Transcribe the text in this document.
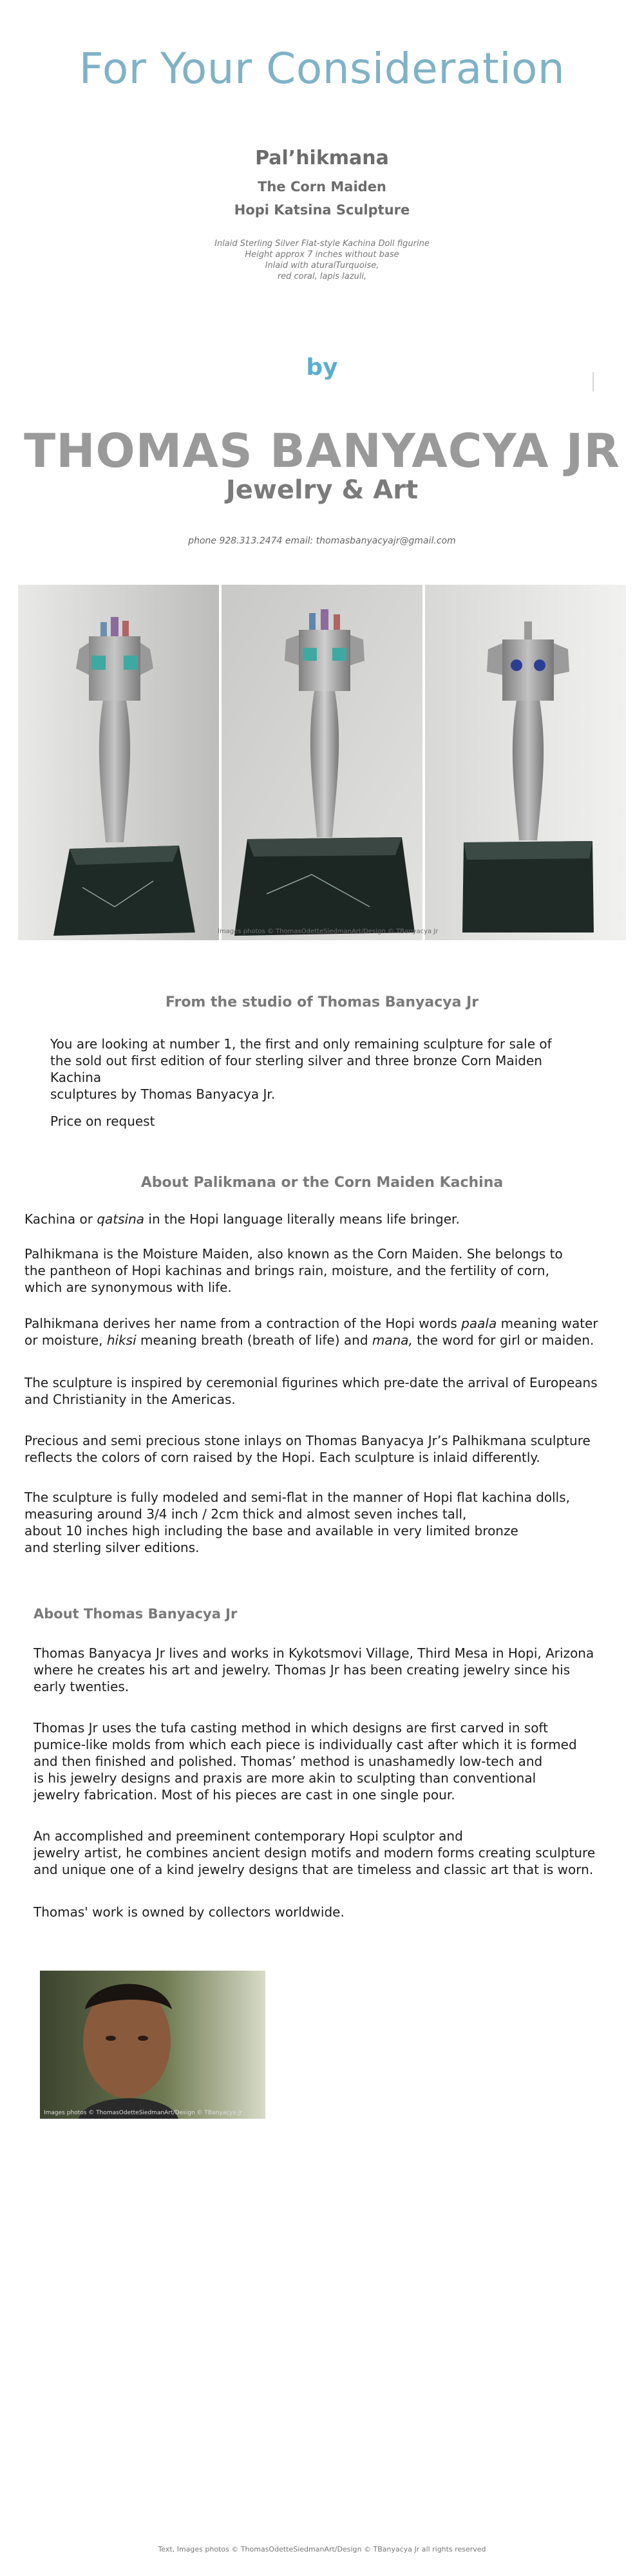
For Your Consideration
Pal’hikmana
The Corn Maiden
Hopi Katsina Sculpture
Inlaid Sterling Silver Flat-style Kachina Doll figurine
Height approx 7 inches without base
Inlaid with aturalTurquoise,
red coral, lapis lazuli,
by
THOMAS BANYACYA JR
Jewelry & Art
phone 928.313.2474 email: thomasbanyacyajr@gmail.com
Images photos © ThomasOdetteSiedmanArt/Design © TBanyacya Jr
From the studio of Thomas Banyacya Jr
You are looking at number 1, the first and only remaining sculpture for sale of
the sold out first edition of four sterling silver and three bronze Corn Maiden Kachina
sculptures by Thomas Banyacya Jr.
Price on request
About Palikmana or the Corn Maiden Kachina
Kachina or qatsina in the Hopi language literally means life bringer.
Palhikmana is the Moisture Maiden, also known as the Corn Maiden. She belongs to
the pantheon of Hopi kachinas and brings rain, moisture, and the fertility of corn,
which are synonymous with life.
Palhikmana derives her name from a contraction of the Hopi words paala meaning water
or moisture, hiksi meaning breath (breath of life) and mana, the word for girl or maiden.
The sculpture is inspired by ceremonial figurines which pre-date the arrival of Europeans
and Christianity in the Americas.
Precious and semi precious stone inlays on Thomas Banyacya Jr’s Palhikmana sculpture
reflects the colors of corn raised by the Hopi. Each sculpture is inlaid differently.
The sculpture is fully modeled and semi-flat in the manner of Hopi flat kachina dolls,
measuring around 3/4 inch / 2cm thick and almost seven inches tall,
about 10 inches high including the base and available in very limited bronze
and sterling silver editions.
About Thomas Banyacya Jr
Thomas Banyacya Jr lives and works in Kykotsmovi Village, Third Mesa in Hopi, Arizona
where he creates his art and jewelry. Thomas Jr has been creating jewelry since his
early twenties.
Thomas Jr uses the tufa casting method in which designs are first carved in soft
pumice-like molds from which each piece is individually cast after which it is formed
and then finished and polished. Thomas’ method is unashamedly low-tech and
is his jewelry designs and praxis are more akin to sculpting than conventional
jewelry fabrication. Most of his pieces are cast in one single pour.
An accomplished and preeminent contemporary Hopi sculptor and
jewelry artist, he combines ancient design motifs and modern forms creating sculpture
and unique one of a kind jewelry designs that are timeless and classic art that is worn.
Thomas' work is owned by collectors worldwide.
Images photos © ThomasOdetteSiedmanArt/Design © TBanyacya Jr
Text, Images photos © ThomasOdetteSiedmanArt/Design © TBanyacya Jr all rights reserved
